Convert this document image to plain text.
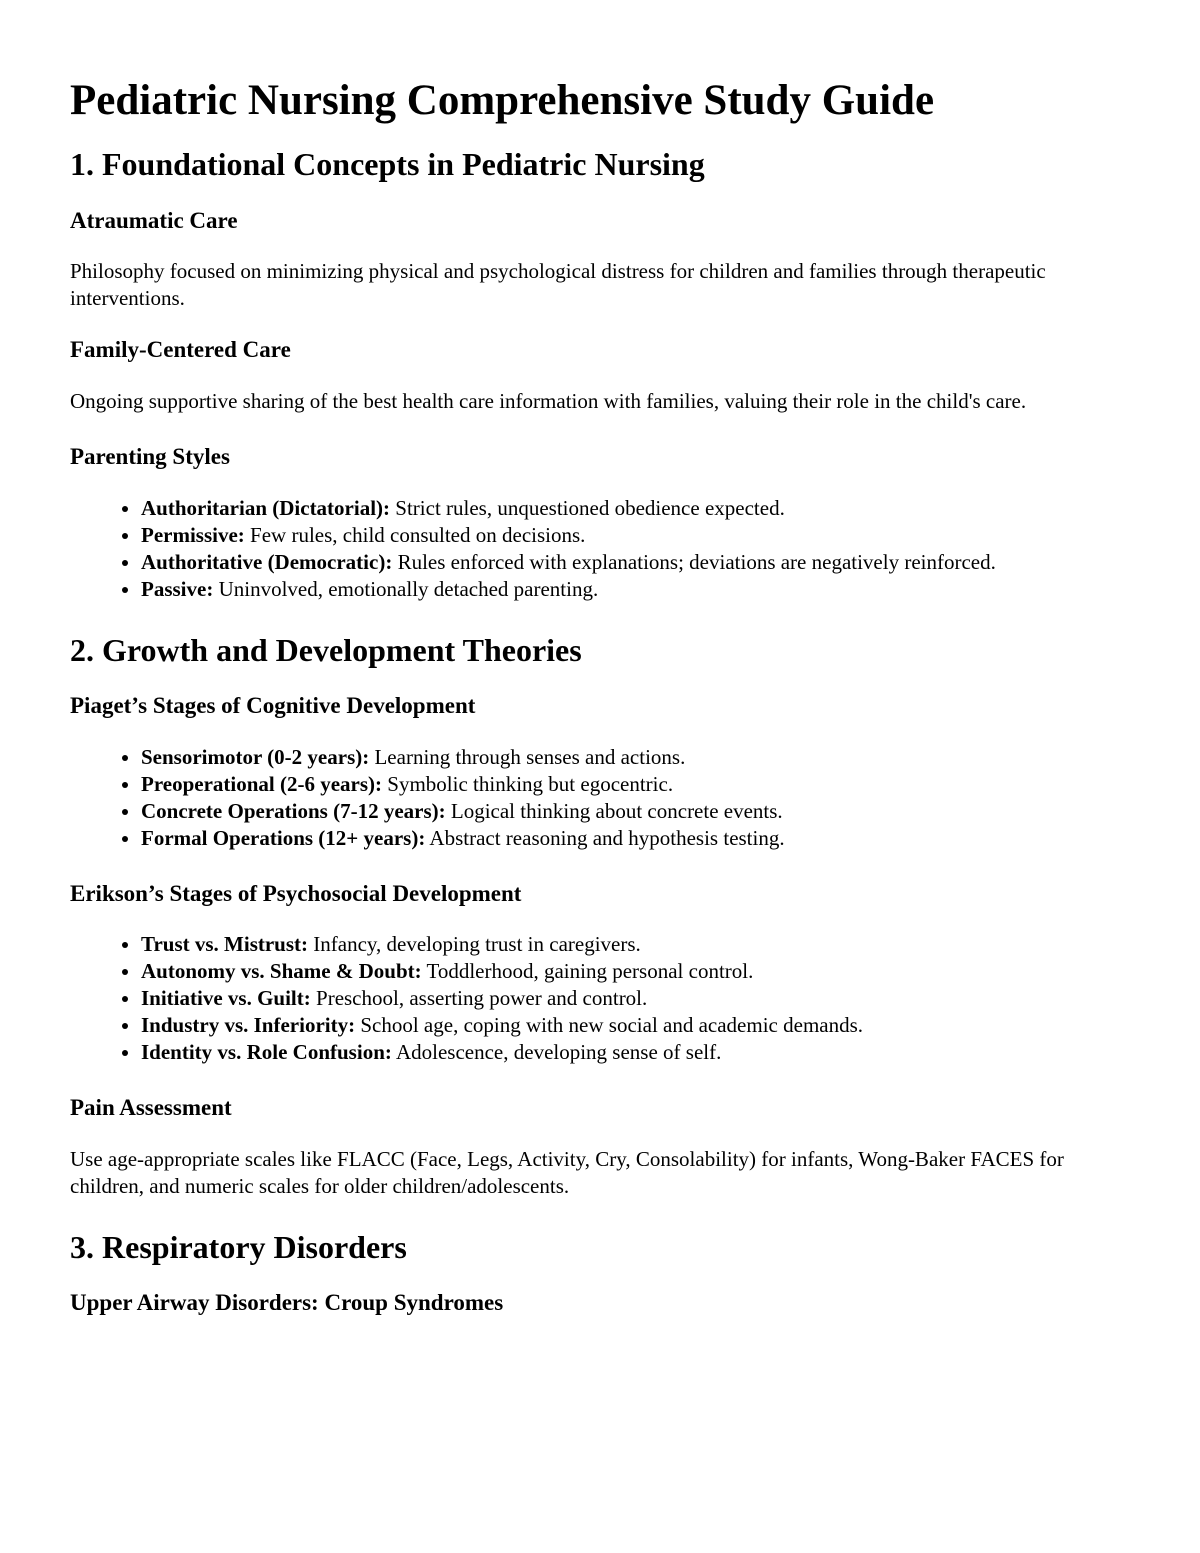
Pediatric Nursing Comprehensive Study Guide
1. Foundational Concepts in Pediatric Nursing
Atraumatic Care

Philosophy focused on minimizing physical and psychological distress for children and families through therapeutic interventions.

Family-Centered Care

Ongoing supportive sharing of the best health care information with families, valuing their role in the child's care.

Parenting Styles
• Authoritarian (Dictatorial): Strict rules, unquestioned obedience expected.
• Permissive: Few rules, child consulted on decisions.
• Authoritative (Democratic): Rules enforced with explanations; deviations are negatively reinforced.
• Passive: Uninvolved, emotionally detached parenting.
2. Growth and Development Theories
Piaget’s Stages of Cognitive Development
• Sensorimotor (0-2 years): Learning through senses and actions.
• Preoperational (2-6 years): Symbolic thinking but egocentric.
• Concrete Operations (7-12 years): Logical thinking about concrete events.
• Formal Operations (12+ years): Abstract reasoning and hypothesis testing.
Erikson’s Stages of Psychosocial Development
• Trust vs. Mistrust: Infancy, developing trust in caregivers.
• Autonomy vs. Shame & Doubt: Toddlerhood, gaining personal control.
• Initiative vs. Guilt: Preschool, asserting power and control.
• Industry vs. Inferiority: School age, coping with new social and academic demands.
• Identity vs. Role Confusion: Adolescence, developing sense of self.
Pain Assessment

Use age-appropriate scales like FLACC (Face, Legs, Activity, Cry, Consolability) for infants, Wong-Baker FACES for children, and numeric scales for older children/adolescents.

3. Respiratory Disorders
Upper Airway Disorders: Croup Syndromes
